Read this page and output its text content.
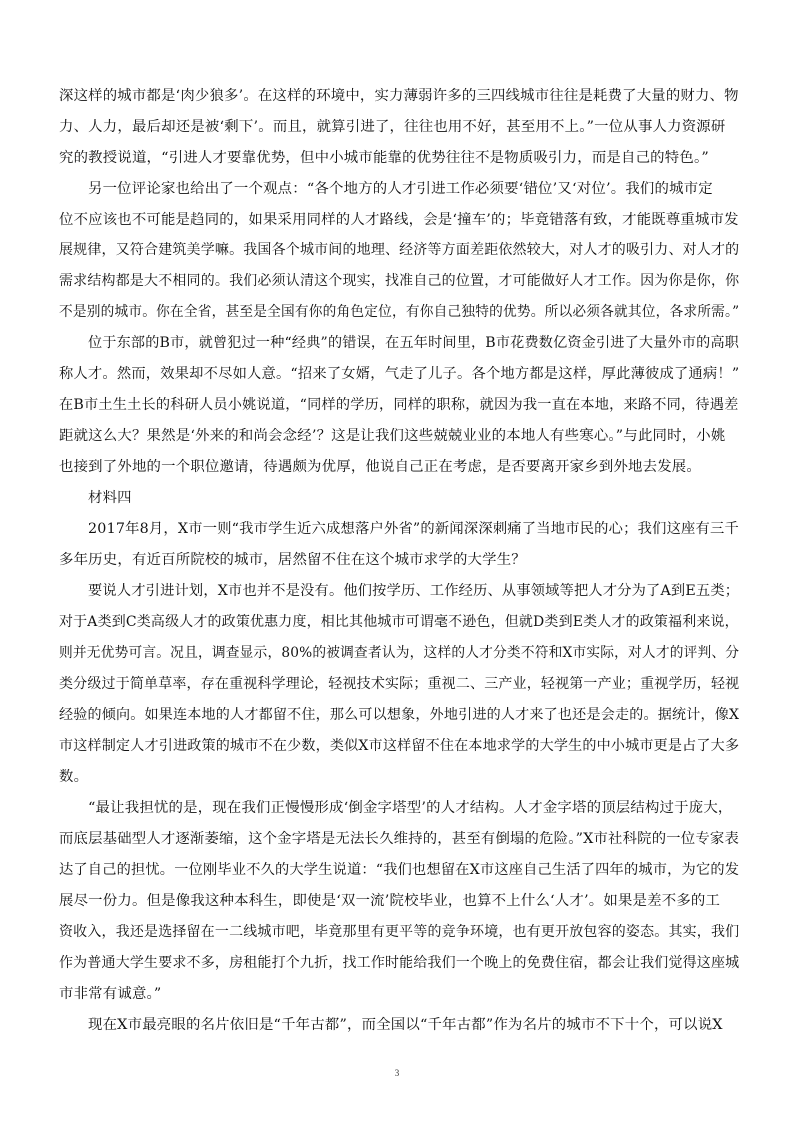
深这样的城市都是‘肉少狼多’。在这样的环境中，实力薄弱许多的三四线城市往往是耗费了大量的财力、物
力、人力，最后却还是被‘剩下’。而且，就算引进了，往往也用不好，甚至用不上。”一位从事人力资源研
究的教授说道，“引进人才要靠优势，但中小城市能靠的优势往往不是物质吸引力，而是自己的特色。”
另一位评论家也给出了一个观点：“各个地方的人才引进工作必须要‘错位’又‘对位’。我们的城市定
位不应该也不可能是趋同的，如果采用同样的人才路线，会是‘撞车’的；毕竟错落有致，才能既尊重城市发
展规律，又符合建筑美学嘛。我国各个城市间的地理、经济等方面差距依然较大，对人才的吸引力、对人才的
需求结构都是大不相同的。我们必须认清这个现实，找准自己的位置，才可能做好人才工作。因为你是你，你
不是别的城市。你在全省，甚至是全国有你的角色定位，有你自己独特的优势。所以必须各就其位，各求所需。”
位于东部的B市，就曾犯过一种“经典”的错误，在五年时间里，B市花费数亿资金引进了大量外市的高职
称人才。然而，效果却不尽如人意。“招来了女婿，气走了儿子。各个地方都是这样，厚此薄彼成了通病！”
在B市土生土长的科研人员小姚说道，“同样的学历，同样的职称，就因为我一直在本地，来路不同，待遇差
距就这么大？果然是‘外来的和尚会念经’？这是让我们这些兢兢业业的本地人有些寒心。”与此同时，小姚
也接到了外地的一个职位邀请，待遇颇为优厚，他说自己正在考虑，是否要离开家乡到外地去发展。
材料四
2017年8月，X市一则“我市学生近六成想落户外省”的新闻深深刺痛了当地市民的心；我们这座有三千
多年历史，有近百所院校的城市，居然留不住在这个城市求学的大学生？
要说人才引进计划，X市也并不是没有。他们按学历、工作经历、从事领域等把人才分为了A到E五类；
对于A类到C类高级人才的政策优惠力度，相比其他城市可谓毫不逊色，但就D类到E类人才的政策福利来说，
则并无优势可言。况且，调查显示，80%的被调查者认为，这样的人才分类不符和X市实际，对人才的评判、分
类分级过于简单草率，存在重视科学理论，轻视技术实际；重视二、三产业，轻视第一产业；重视学历，轻视
经验的倾向。如果连本地的人才都留不住，那么可以想象，外地引进的人才来了也还是会走的。据统计，像X
市这样制定人才引进政策的城市不在少数，类似X市这样留不住在本地求学的大学生的中小城市更是占了大多
数。
“最让我担忧的是，现在我们正慢慢形成‘倒金字塔型’的人才结构。人才金字塔的顶层结构过于庞大，
而底层基础型人才逐渐萎缩，这个金字塔是无法长久维持的，甚至有倒塌的危险。”X市社科院的一位专家表
达了自己的担忧。一位刚毕业不久的大学生说道：“我们也想留在X市这座自己生活了四年的城市，为它的发
展尽一份力。但是像我这种本科生，即使是‘双一流’院校毕业，也算不上什么‘人才’。如果是差不多的工
资收入，我还是选择留在一二线城市吧，毕竟那里有更平等的竞争环境，也有更开放包容的姿态。其实，我们
作为普通大学生要求不多，房租能打个九折，找工作时能给我们一个晚上的免费住宿，都会让我们觉得这座城
市非常有诚意。”
现在X市最亮眼的名片依旧是“千年古都”，而全国以“千年古都”作为名片的城市不下十个，可以说X
3
